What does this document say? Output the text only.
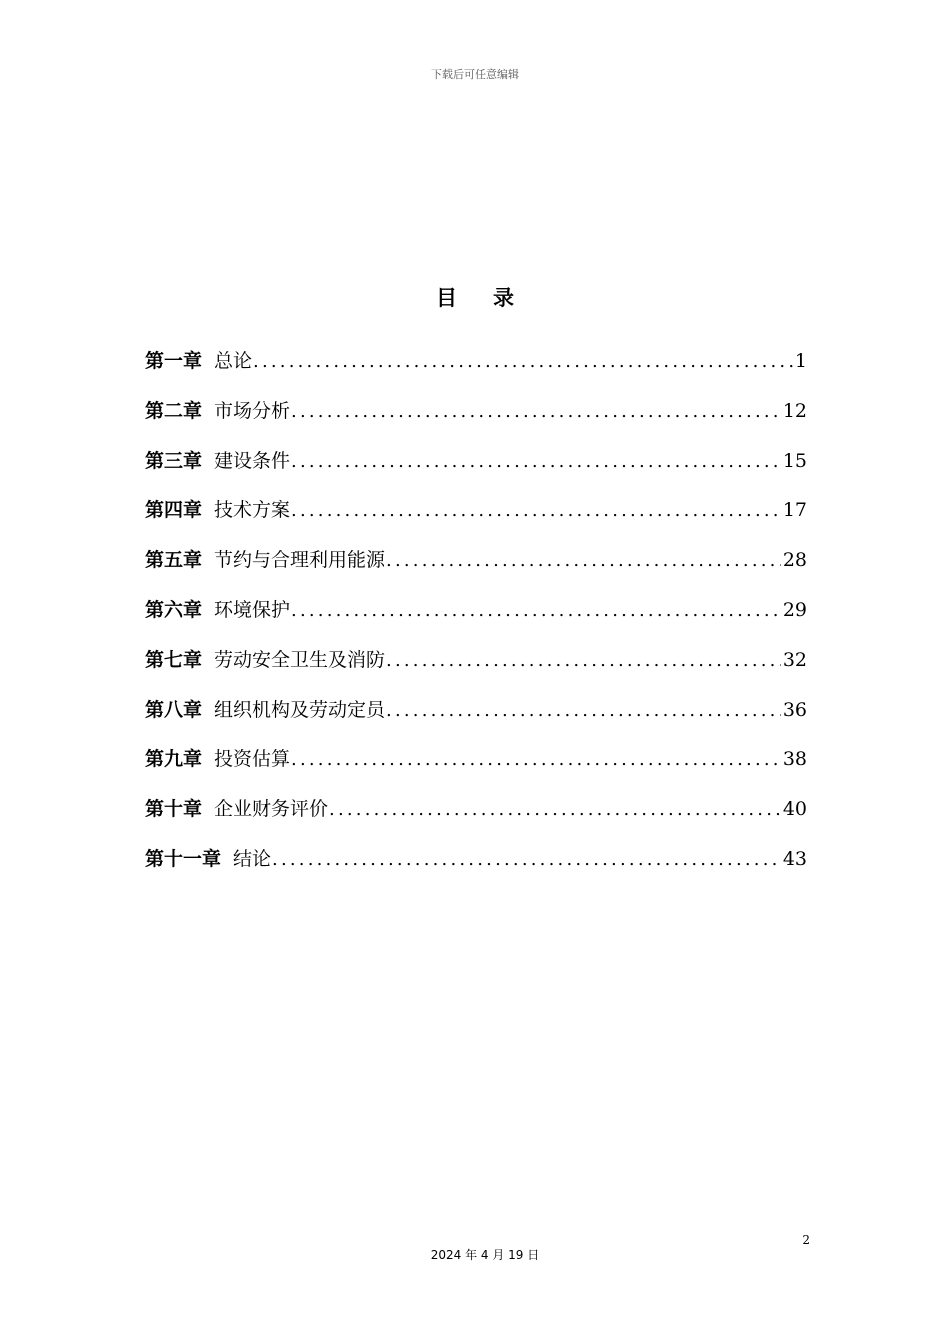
下载后可任意编辑
目 录
第一章 总论 .....	1
第二章 市场分析 .....	12
第三章 建设条件 .....	15
第四章 技术方案 .....	17
第五章 节约与合理利用能源 .....	28
第六章 环境保护 .....	29
第七章 劳动安全卫生及消防 .....	32
第八章 组织机构及劳动定员 .....	36
第九章 投资估算 .....	38
第十章 企业财务评价 .....	40
第十一章 结论 .....	43
2
2024 年 4 月 19 日
